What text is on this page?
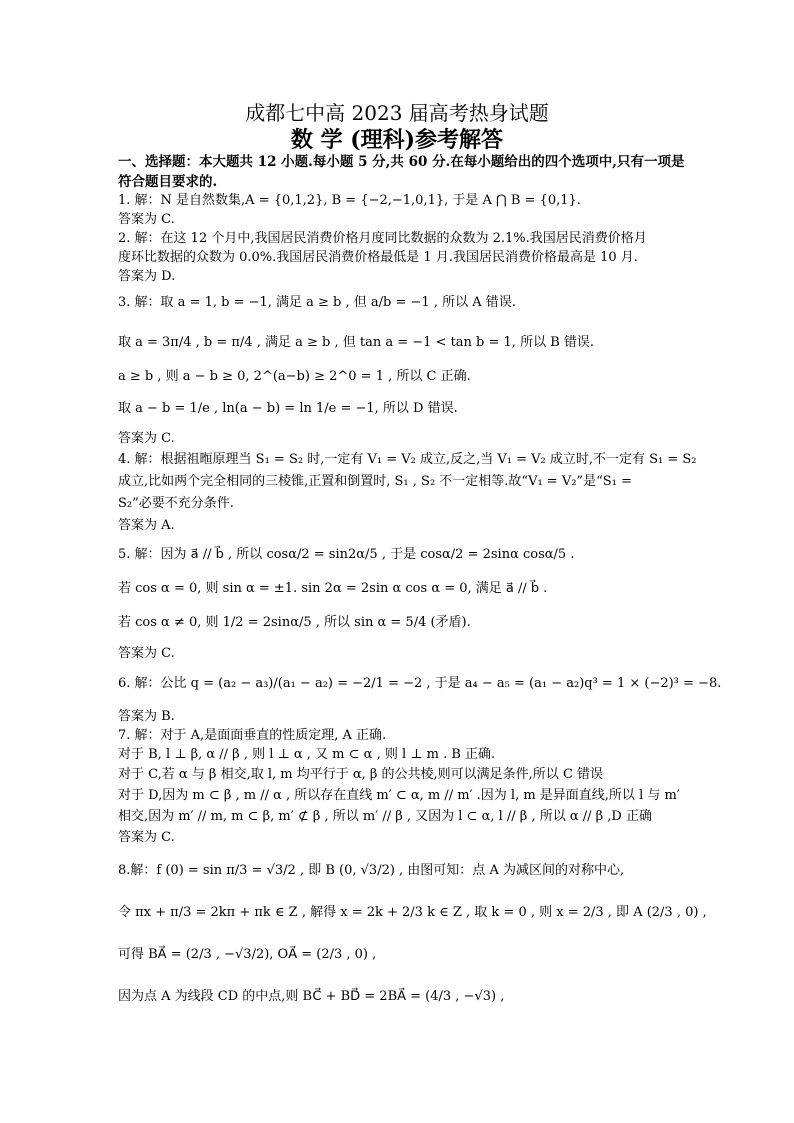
成都七中高 2023 届高考热身试题
数 学 (理科)参考解答
一、选择题：本大题共 12 小题.每小题 5 分,共 60 分.在每小题给出的四个选项中,只有一项是符合题目要求的.
1. 解：N 是自然数集,A = {0,1,2}, B = {−2,−1,0,1}, 于是 A ⋂ B = {0,1}.
答案为 C.
2. 解：在这 12 个月中,我国居民消费价格月度同比数据的众数为 2.1%.我国居民消费价格月
度环比数据的众数为 0.0%.我国居民消费价格最低是 1 月.我国居民消费价格最高是 10 月.
答案为 D.
3. 解：取 a = 1, b = −1, 满足 a ≥ b , 但 a/b = −1 , 所以 A 错误.
取 a = 3π/4 , b = π/4 , 满足 a ≥ b , 但 tan a = −1 < tan b = 1, 所以 B 错误.
a ≥ b , 则 a − b ≥ 0, 2^(a−b) ≥ 2^0 = 1 , 所以 C 正确.
取 a − b = 1/e , ln(a − b) = ln 1/e = −1, 所以 D 错误.
答案为 C.
4. 解：根据祖暅原理当 S₁ = S₂ 时,一定有 V₁ = V₂ 成立,反之,当 V₁ = V₂ 成立时,不一定有 S₁ = S₂
成立,比如两个完全相同的三棱锥,正置和倒置时, S₁ , S₂ 不一定相等.故“V₁ = V₂”是“S₁ =
S₂”必要不充分条件.
答案为 A.
5. 解：因为 a⃗ // b⃗ , 所以 cosα/2 = sin2α/5 , 于是 cosα/2 = 2sinα cosα/5 .
若 cos α = 0, 则 sin α = ±1. sin 2α = 2sin α cos α = 0, 满足 a⃗ // b⃗ .
若 cos α ≠ 0, 则 1/2 = 2sinα/5 , 所以 sin α = 5/4 (矛盾).
答案为 C.
6. 解：公比 q = (a₂ − a₃)/(a₁ − a₂) = −2/1 = −2 , 于是 a₄ − a₅ = (a₁ − a₂)q³ = 1 × (−2)³ = −8.
答案为 B.
7. 解：对于 A,是面面垂直的性质定理, A 正确.
对于 B, l ⊥ β, α // β , 则 l ⊥ α , 又 m ⊂ α , 则 l ⊥ m . B 正确.
对于 C,若 α 与 β 相交,取 l, m 均平行于 α, β 的公共棱,则可以满足条件,所以 C 错误
对于 D,因为 m ⊂ β , m // α , 所以存在直线 m′ ⊂ α, m // m′ .因为 l, m 是异面直线,所以 l 与 m′
相交,因为 m′ // m, m ⊂ β, m′ ⊄ β , 所以 m′ // β , 又因为 l ⊂ α, l // β , 所以 α // β ,D 正确
答案为 C.
8.解：f (0) = sin π/3 = √3/2 , 即 B (0, √3/2) , 由图可知：点 A 为减区间的对称中心,
令 πx + π/3 = 2kπ + πk ∈ Z , 解得 x = 2k + 2/3 k ∈ Z , 取 k = 0 , 则 x = 2/3 , 即 A (2/3 , 0) ,
可得 BA⃗ = (2/3 , −√3/2), OA⃗ = (2/3 , 0) ,
因为点 A 为线段 CD 的中点,则 BC⃗ + BD⃗ = 2BA⃗ = (4/3 , −√3) ,
